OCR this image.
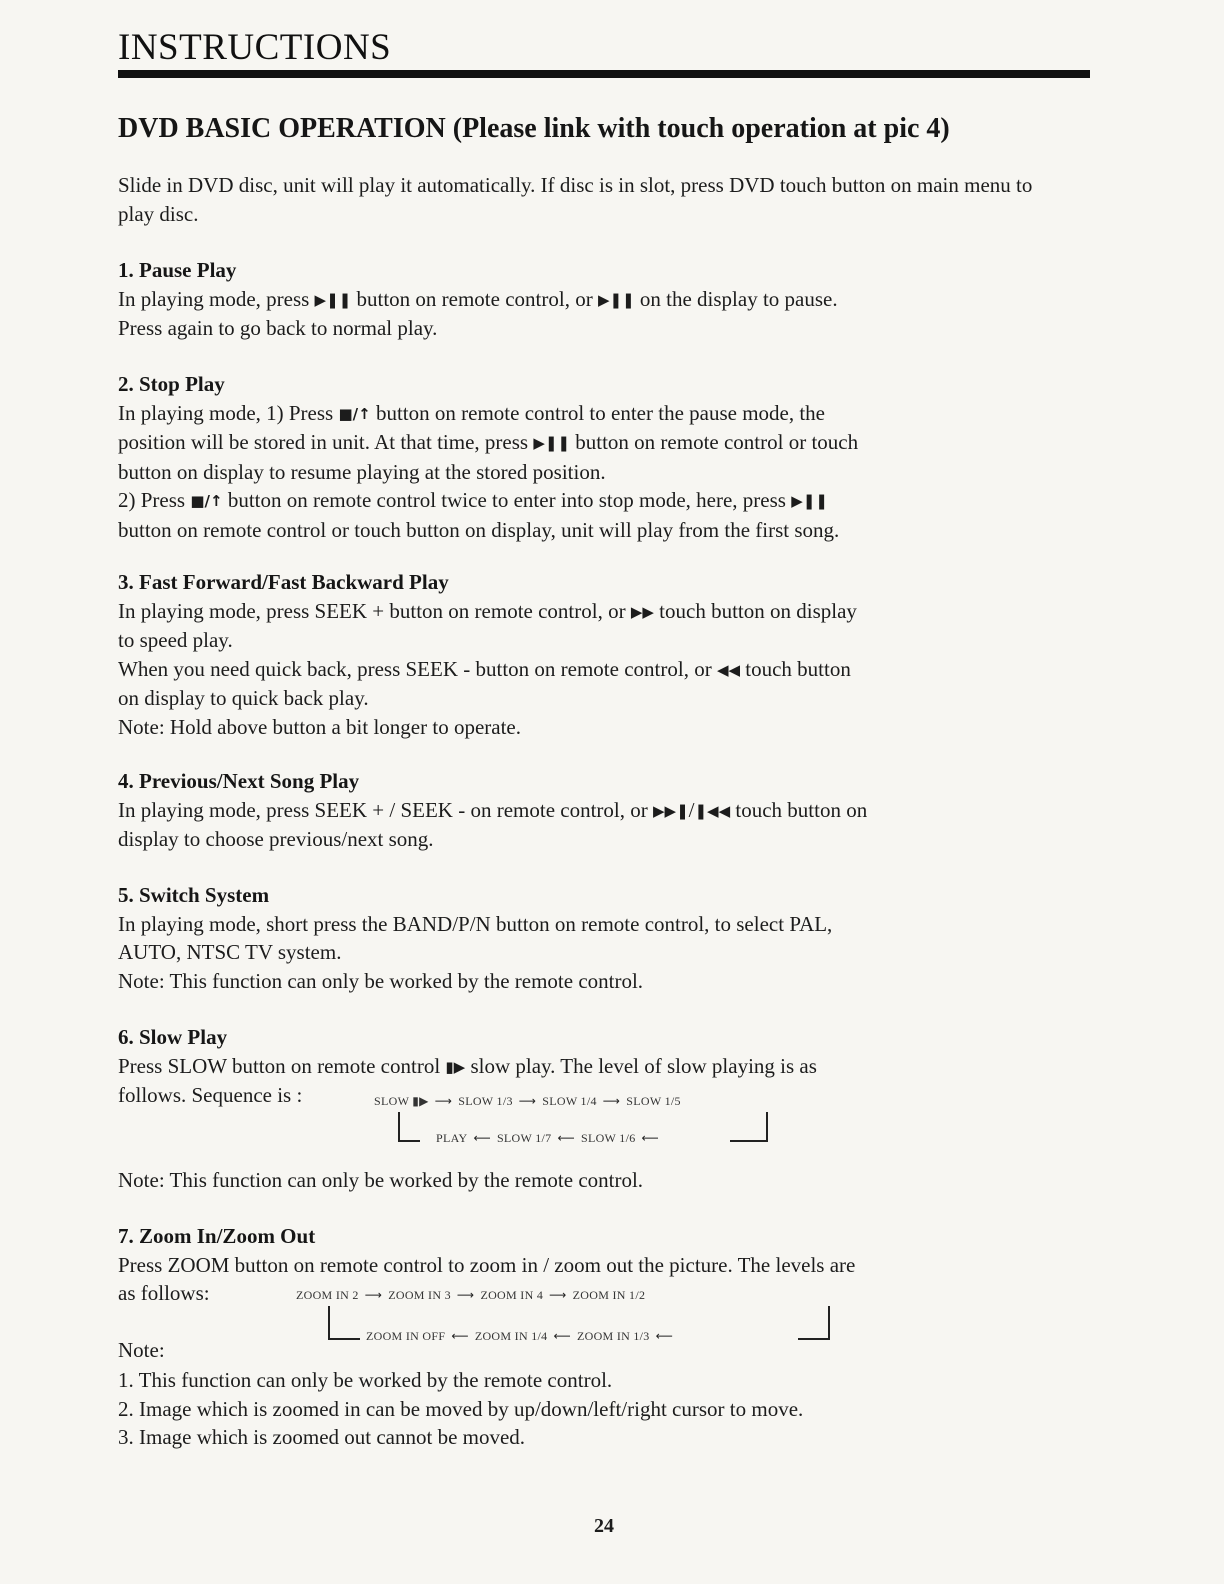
INSTRUCTIONS
DVD BASIC OPERATION (Please link with touch operation at pic 4)

Slide in DVD disc, unit will play it automatically. If disc is in slot, press DVD touch button on main menu to play disc.

1. Pause Play

In playing mode, press ▶❚❚ button on remote control, or ▶❚❚ on the display to pause.

Press again to go back to normal play.

2. Stop Play

In playing mode, 1) Press ■/↑ button on remote control to enter the pause mode, the

position will be stored in unit. At that time, press ▶❚❚ button on remote control or touch

button on display to resume playing at the stored position.

2) Press ■/↑ button on remote control twice to enter into stop mode, here, press ▶❚❚

button on remote control or touch button on display, unit will play from the first song.

3. Fast Forward/Fast Backward Play

In playing mode, press SEEK + button on remote control, or ▶▶ touch button on display

to speed play.

When you need quick back, press SEEK - button on remote control, or ◀◀ touch button

on display to quick back play.

Note: Hold above button a bit longer to operate.

4. Previous/Next Song Play

In playing mode, press SEEK + / SEEK - on remote control, or ▶▶❚/❚◀◀ touch button on

display to choose previous/next song.

5. Switch System

In playing mode, short press the BAND/P/N button on remote control, to select PAL,

AUTO, NTSC TV system.

Note: This function can only be worked by the remote control.

6. Slow Play

Press SLOW button on remote control ▮▶ slow play. The level of slow playing is as

follows. Sequence is :	SLOW ▮▶ ⟶ SLOW 1/3 ⟶ SLOW 1/4 ⟶ SLOW 1/5
PLAY ⟵ SLOW 1/7 ⟵ SLOW 1/6 ⟵

Note: This function can only be worked by the remote control.

7. Zoom In/Zoom Out

Press ZOOM button on remote control to zoom in / zoom out the picture. The levels are

as follows:	ZOOM IN 2 ⟶ ZOOM IN 3 ⟶ ZOOM IN 4 ⟶ ZOOM IN 1/2
ZOOM IN OFF ⟵ ZOOM IN 1/4 ⟵ ZOOM IN 1/3 ⟵

Note:

1. This function can only be worked by the remote control.

2. Image which is zoomed in can be moved by up/down/left/right cursor to move.

3. Image which is zoomed out cannot be moved.

24
